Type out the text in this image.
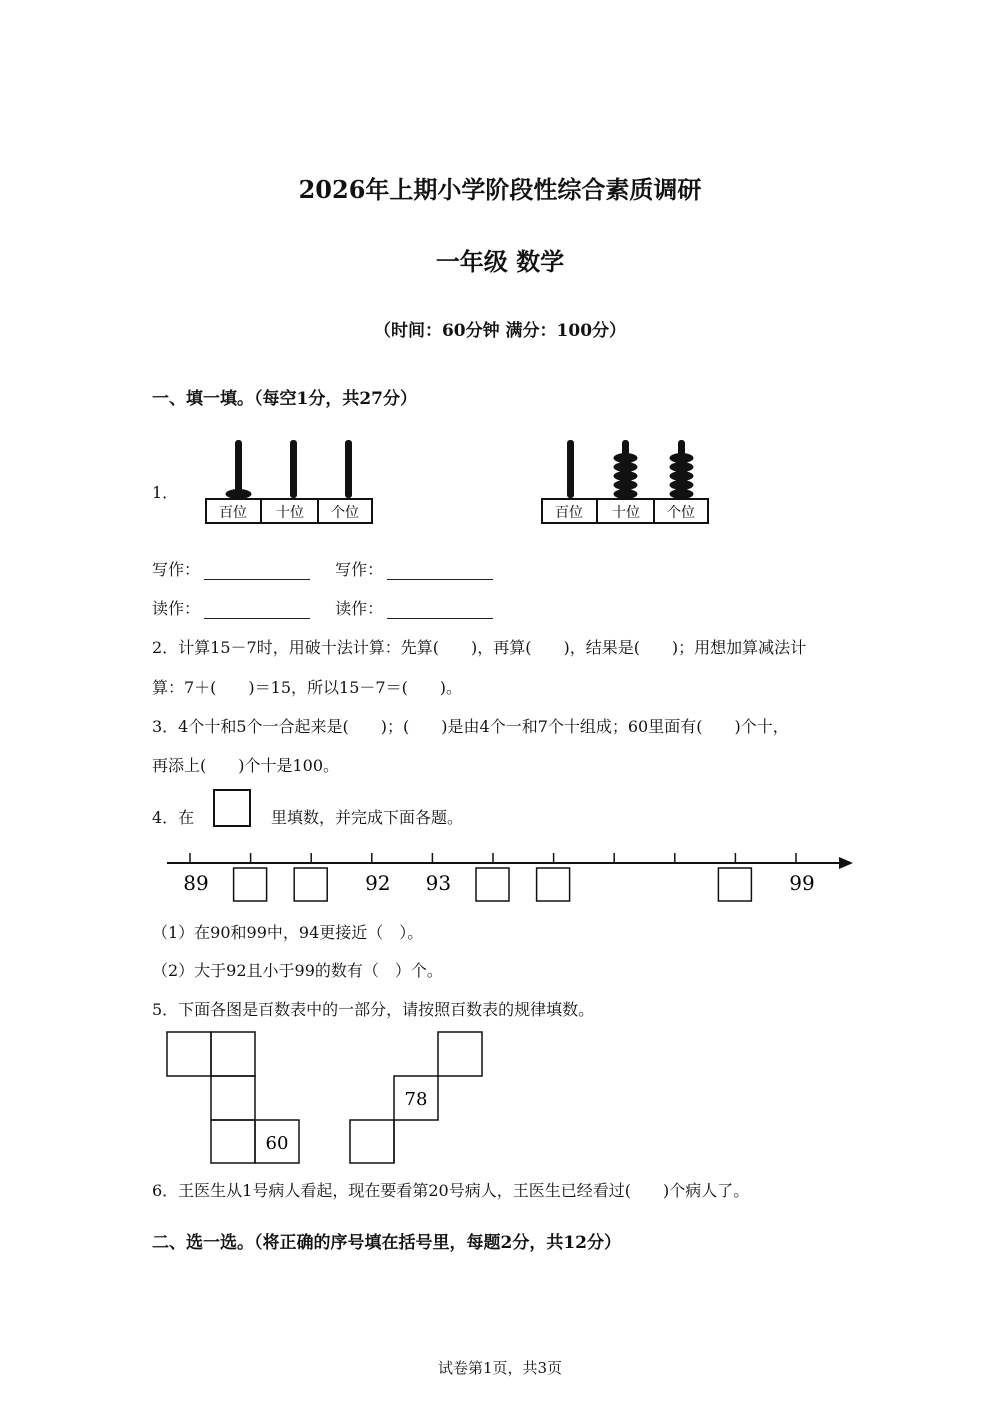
2026年上期小学阶段性综合素质调研
一年级 数学
（时间：60分钟 满分：100分）
一、填一填。（每空1分，共27分）
1．
百位 十位 个位	百位 十位 个位
写作：	写作：
读作：	读作：
2．计算15－7时，用破十法计算：先算(　　)，再算(　　)，结果是(　　)；用想加算减法计
算：7＋(　　)＝15，所以15－7＝(　　)。
3．4个十和5个一合起来是(　　)；(　　)是由4个一和7个十组成；60里面有(　　)个十，
再添上(　　)个十是100。
4．在	里填数，并完成下面各题。
89	92 93	99
（1）在90和99中，94更接近（　）。
（2）大于92且小于99的数有（　）个。
5．下面各图是百数表中的一部分，请按照百数表的规律填数。
60
78
6．王医生从1号病人看起，现在要看第20号病人，王医生已经看过(　　)个病人了。
二、选一选。（将正确的序号填在括号里，每题2分，共12分）
试卷第1页，共3页
